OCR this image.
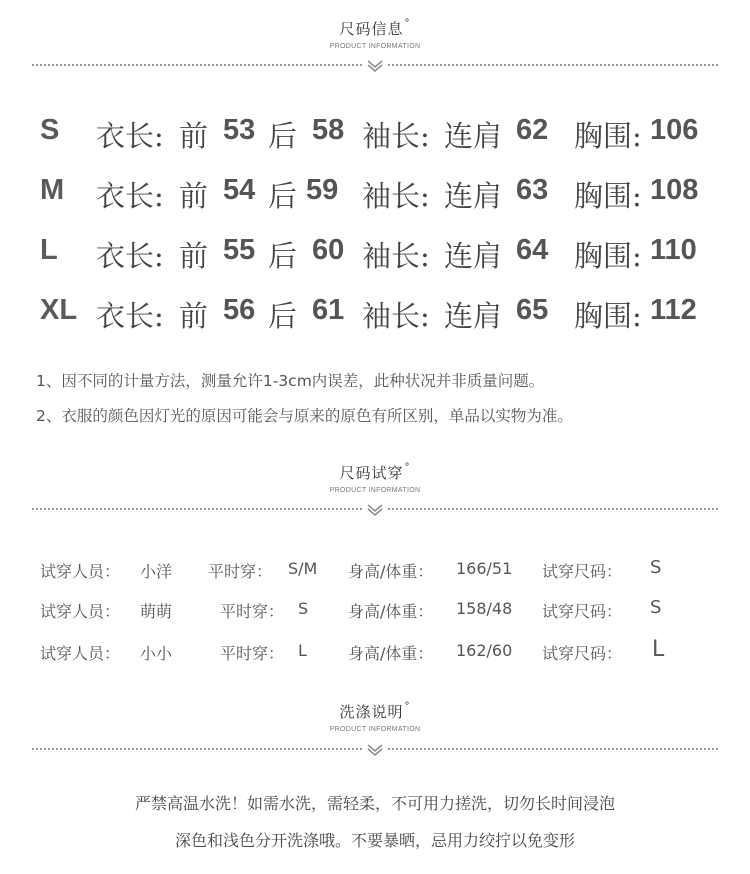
尺码信息°
PRODUCT INFORMATION
S 衣长: 前 53 后 58 袖长: 连肩 62 胸围: 106
M 衣长: 前 54 后 59 袖长: 连肩 63 胸围: 108
L 衣长: 前 55 后 60 袖长: 连肩 64 胸围: 110
XL 衣长: 前 56 后 61 袖长: 连肩 65 胸围: 112
1、因不同的计量方法，测量允许1-3cm内误差，此种状况并非质量问题。
2、衣服的颜色因灯光的原因可能会与原来的原色有所区别，单品以实物为准。
尺码试穿°
PRODUCT INFORMATION
试穿人员： 小洋 平时穿： S/M 身高/体重： 166/51 试穿尺码： S
试穿人员： 萌萌	平时穿： S 身高/体重： 158/48 试穿尺码： S
试穿人员： 小小	平时穿： L	身高/体重： 162/60 试穿尺码： L
洗涤说明°
PRODUCT INFORMATION
严禁高温水洗！如需水洗，需轻柔，不可用力搓洗，切勿长时间浸泡
深色和浅色分开洗涤哦。不要暴晒，忌用力绞拧以免变形
